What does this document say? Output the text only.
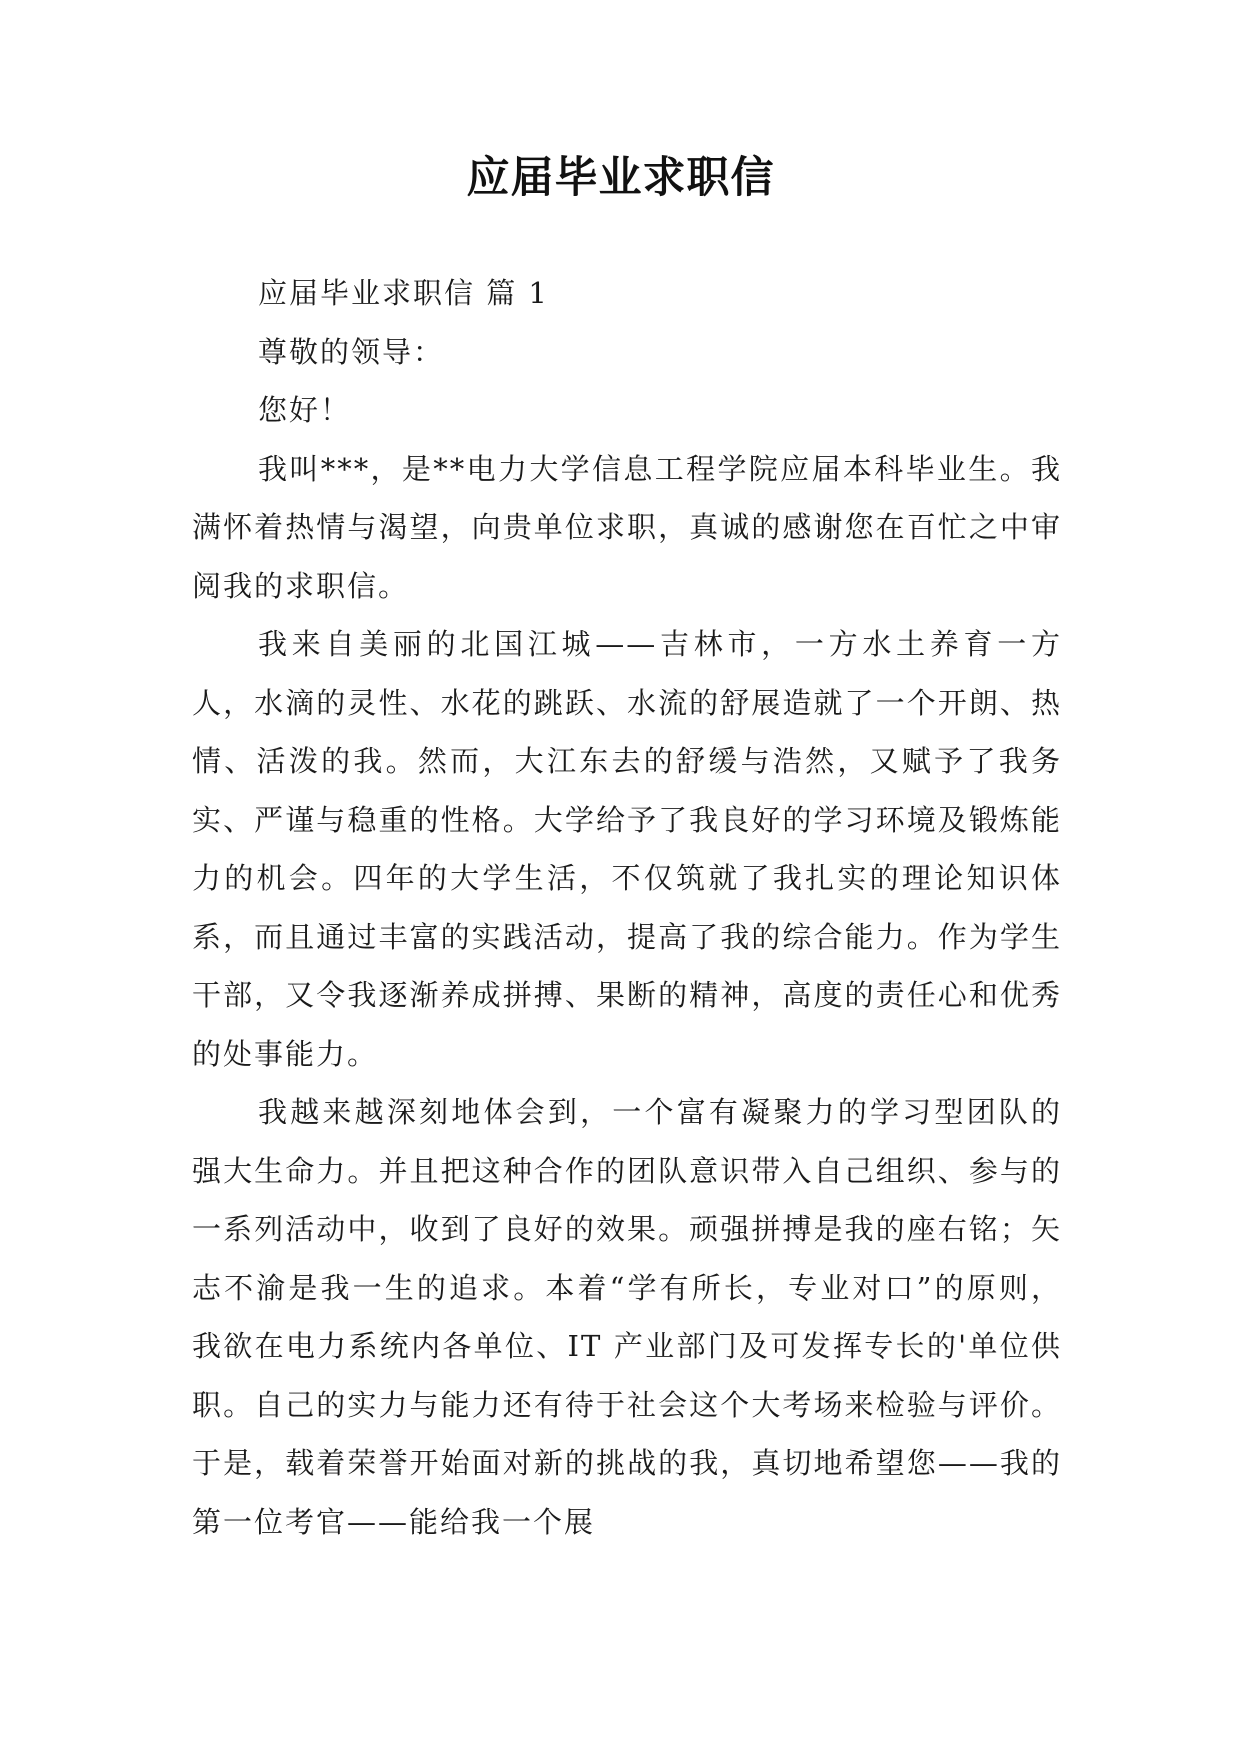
应届毕业求职信

应届毕业求职信 篇 1

尊敬的领导：

您好！

我叫***，是**电力大学信息工程学院应届本科毕业生。我满怀着热情与渴望，向贵单位求职，真诚的感谢您在百忙之中审阅我的求职信。

我来自美丽的北国江城——吉林市，一方水土养育一方人，水滴的灵性、水花的跳跃、水流的舒展造就了一个开朗、热情、活泼的我。然而，大江东去的舒缓与浩然，又赋予了我务实、严谨与稳重的性格。大学给予了我良好的学习环境及锻炼能力的机会。四年的大学生活，不仅筑就了我扎实的理论知识体系，而且通过丰富的实践活动，提高了我的综合能力。作为学生干部，又令我逐渐养成拼搏、果断的精神，高度的责任心和优秀的处事能力。

我越来越深刻地体会到，一个富有凝聚力的学习型团队的强大生命力。并且把这种合作的团队意识带入自己组织、参与的一系列活动中，收到了良好的效果。顽强拼搏是我的座右铭；矢志不渝是我一生的追求。本着“学有所长，专业对口”的原则，我欲在电力系统内各单位、IT 产业部门及可发挥专长的'单位供职。自己的实力与能力还有待于社会这个大考场来检验与评价。于是，载着荣誉开始面对新的挑战的我，真切地希望您——我的第一位考官——能给我一个展
